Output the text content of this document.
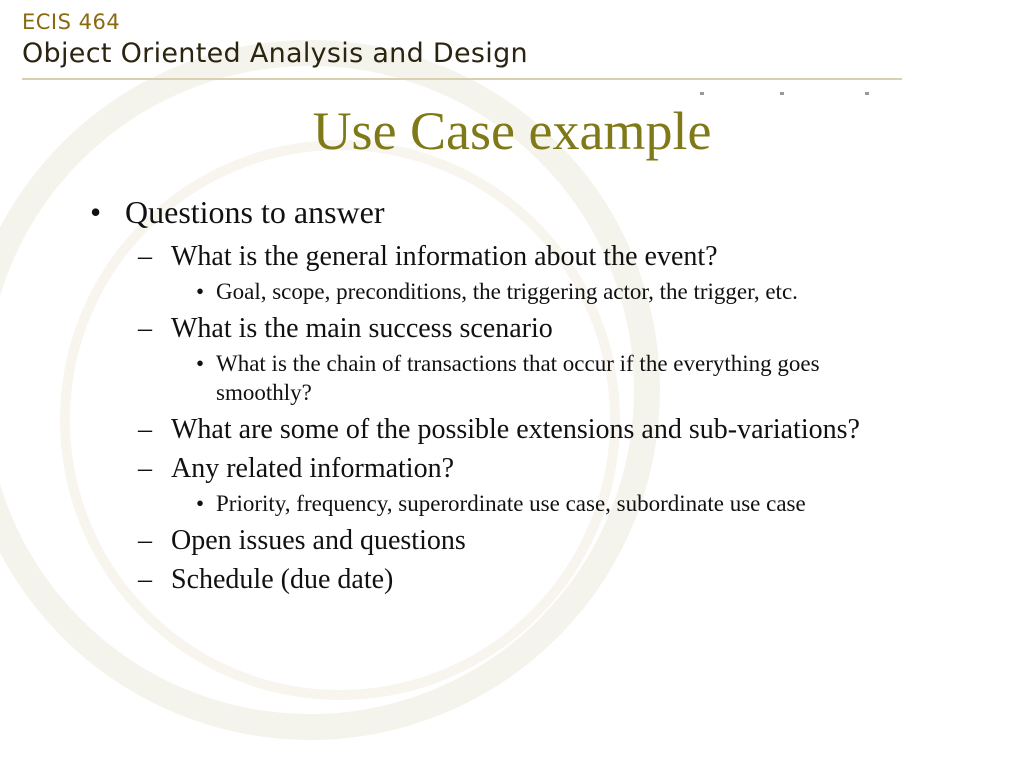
ECIS 464
Object Oriented Analysis and Design
Use Case example
• Questions to answer
– What is the general information about the event?
• Goal, scope, preconditions, the triggering actor, the trigger, etc.
– What is the main success scenario
• What is the chain of transactions that occur if the everything goes smoothly?
– What are some of the possible extensions and sub-variations?
– Any related information?
• Priority, frequency, superordinate use case, subordinate use case
– Open issues and questions
– Schedule (due date)
